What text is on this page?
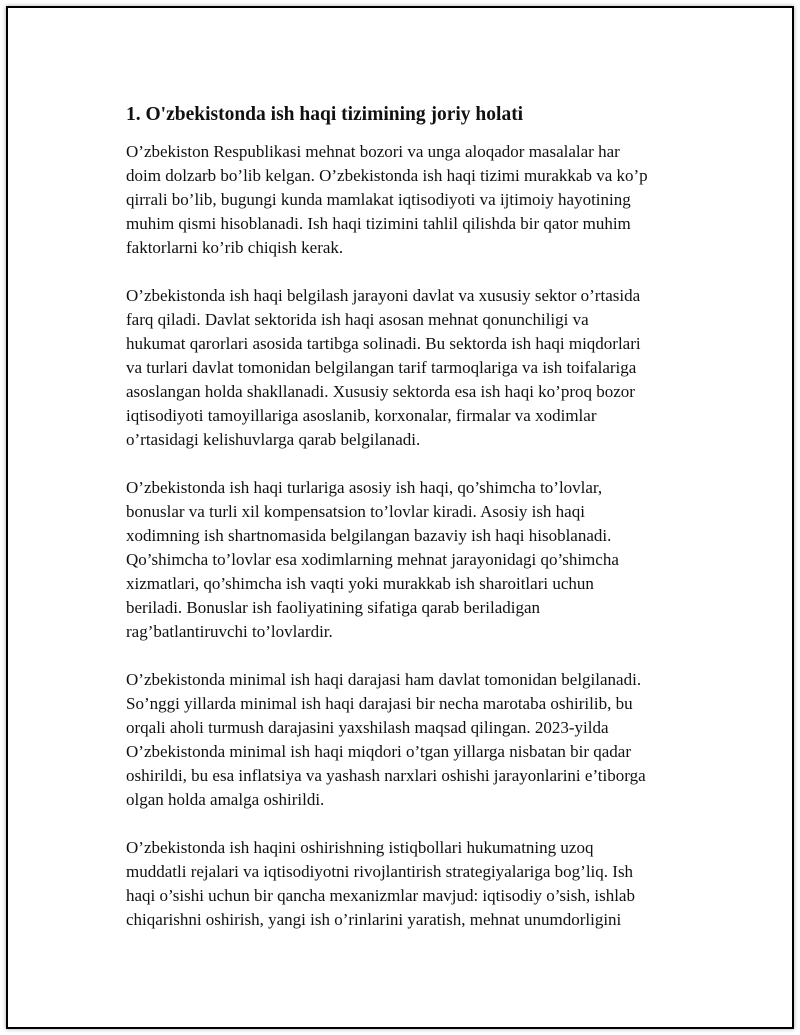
1. O'zbekistonda ish haqi tizimining joriy holati

O’zbekiston Respublikasi mehnat bozori va unga aloqador masalalar har
doim dolzarb bo’lib kelgan. O’zbekistonda ish haqi tizimi murakkab va ko’p
qirrali bo’lib, bugungi kunda mamlakat iqtisodiyoti va ijtimoiy hayotining
muhim qismi hisoblanadi. Ish haqi tizimini tahlil qilishda bir qator muhim
faktorlarni ko’rib chiqish kerak.

O’zbekistonda ish haqi belgilash jarayoni davlat va xususiy sektor o’rtasida
farq qiladi. Davlat sektorida ish haqi asosan mehnat qonunchiligi va
hukumat qarorlari asosida tartibga solinadi. Bu sektorda ish haqi miqdorlari
va turlari davlat tomonidan belgilangan tarif tarmoqlariga va ish toifalariga
asoslangan holda shakllanadi. Xususiy sektorda esa ish haqi ko’proq bozor
iqtisodiyoti tamoyillariga asoslanib, korxonalar, firmalar va xodimlar
o’rtasidagi kelishuvlarga qarab belgilanadi.

O’zbekistonda ish haqi turlariga asosiy ish haqi, qo’shimcha to’lovlar,
bonuslar va turli xil kompensatsion to’lovlar kiradi. Asosiy ish haqi
xodimning ish shartnomasida belgilangan bazaviy ish haqi hisoblanadi.
Qo’shimcha to’lovlar esa xodimlarning mehnat jarayonidagi qo’shimcha
xizmatlari, qo’shimcha ish vaqti yoki murakkab ish sharoitlari uchun
beriladi. Bonuslar ish faoliyatining sifatiga qarab beriladigan
rag’batlantiruvchi to’lovlardir.

O’zbekistonda minimal ish haqi darajasi ham davlat tomonidan belgilanadi.
So’nggi yillarda minimal ish haqi darajasi bir necha marotaba oshirilib, bu
orqali aholi turmush darajasini yaxshilash maqsad qilingan. 2023-yilda
O’zbekistonda minimal ish haqi miqdori o’tgan yillarga nisbatan bir qadar
oshirildi, bu esa inflatsiya va yashash narxlari oshishi jarayonlarini e’tiborga
olgan holda amalga oshirildi.

O’zbekistonda ish haqini oshirishning istiqbollari hukumatning uzoq
muddatli rejalari va iqtisodiyotni rivojlantirish strategiyalariga bog’liq. Ish
haqi o’sishi uchun bir qancha mexanizmlar mavjud: iqtisodiy o’sish, ishlab
chiqarishni oshirish, yangi ish o’rinlarini yaratish, mehnat unumdorligini
